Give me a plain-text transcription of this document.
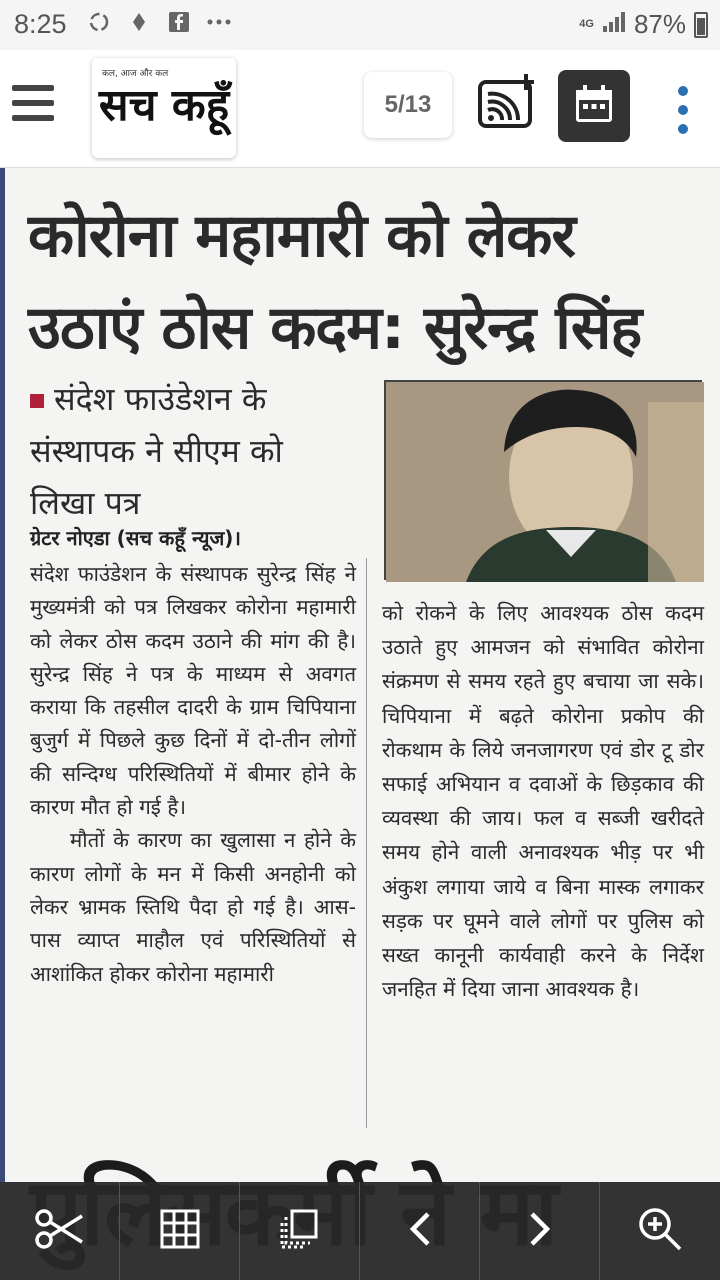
8:25	4G 87%
कल, आज और कल
सच कहूँ	5/13
कोरोना महामारी को लेकर
उठाएं ठोस कदम: सुरेन्द्र सिंह
संदेश फाउंडेशन के संस्थापक ने सीएम को लिखा पत्र
ग्रेटर नोएडा (सच कहूँ न्यूज)।

संदेश फाउंडेशन के संस्थापक सुरेन्द्र सिंह ने मुख्यमंत्री को पत्र लिखकर कोरोना महामारी को लेकर ठोस कदम उठाने की मांग की है। सुरेन्द्र सिंह ने पत्र के माध्यम से अवगत कराया कि तहसील दादरी के ग्राम चिपियाना बुजुर्ग में पिछले कुछ दिनों में दो-तीन लोगों की सन्दिग्ध परिस्थितियों में बीमार होने के कारण मौत हो गई है।

मौतों के कारण का खुलासा न होने के कारण लोगों के मन में किसी अनहोनी को लेकर भ्रामक स्तिथि पैदा हो गई है। आस-पास व्याप्त माहौल एवं परिस्थितियों से आशांकित होकर कोरोना महामारी

को रोकने के लिए आवश्यक ठोस कदम उठाते हुए आमजन को संभावित कोरोना संक्रमण से समय रहते हुए बचाया जा सके। चिपियाना में बढ़ते कोरोना प्रकोप की रोकथाम के लिये जनजागरण एवं डोर टू डोर सफाई अभियान व दवाओं के छिड़काव की व्यवस्था की जाय। फल व सब्जी खरीदते समय होने वाली अनावश्यक भीड़ पर भी अंकुश लगाया जाये व बिना मास्क लगाकर सड़क पर घूमने वाले लोगों पर पुलिस को सख्त कानूनी कार्यवाही करने के निर्देश जनहित में दिया जाना आवश्यक है।
